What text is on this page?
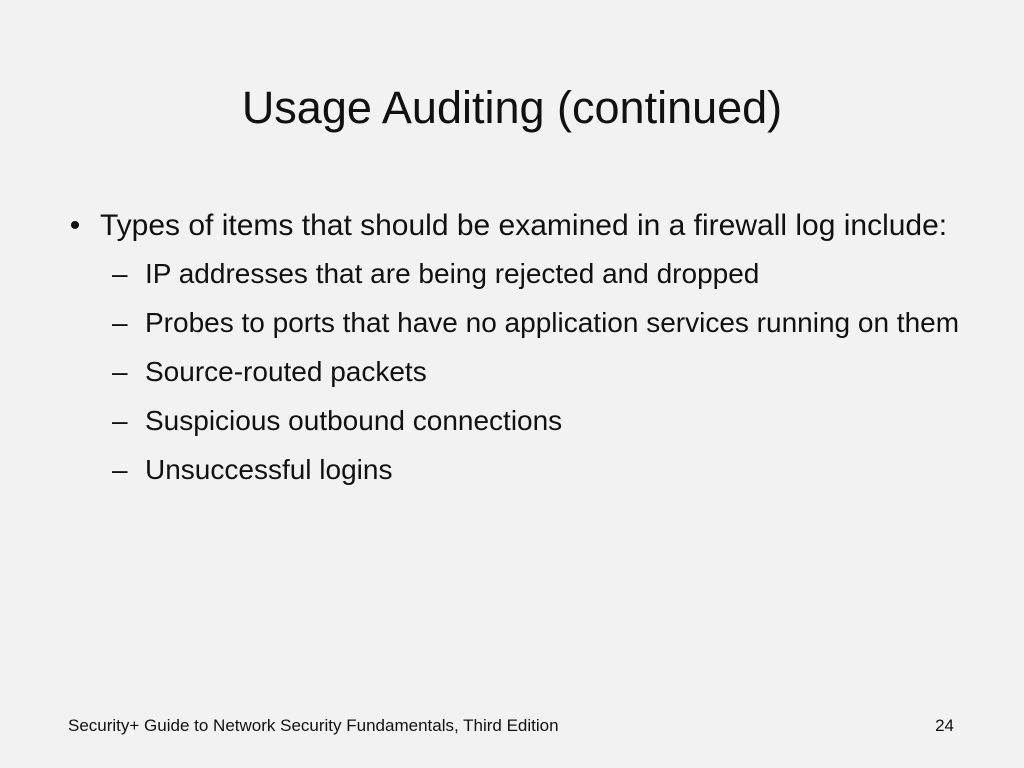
Usage Auditing (continued)
• Types of items that should be examined in a firewall log include:
– IP addresses that are being rejected and dropped
– Probes to ports that have no application services running on them
– Source-routed packets
– Suspicious outbound connections
– Unsuccessful logins
Security+ Guide to Network Security Fundamentals, Third Edition	24
